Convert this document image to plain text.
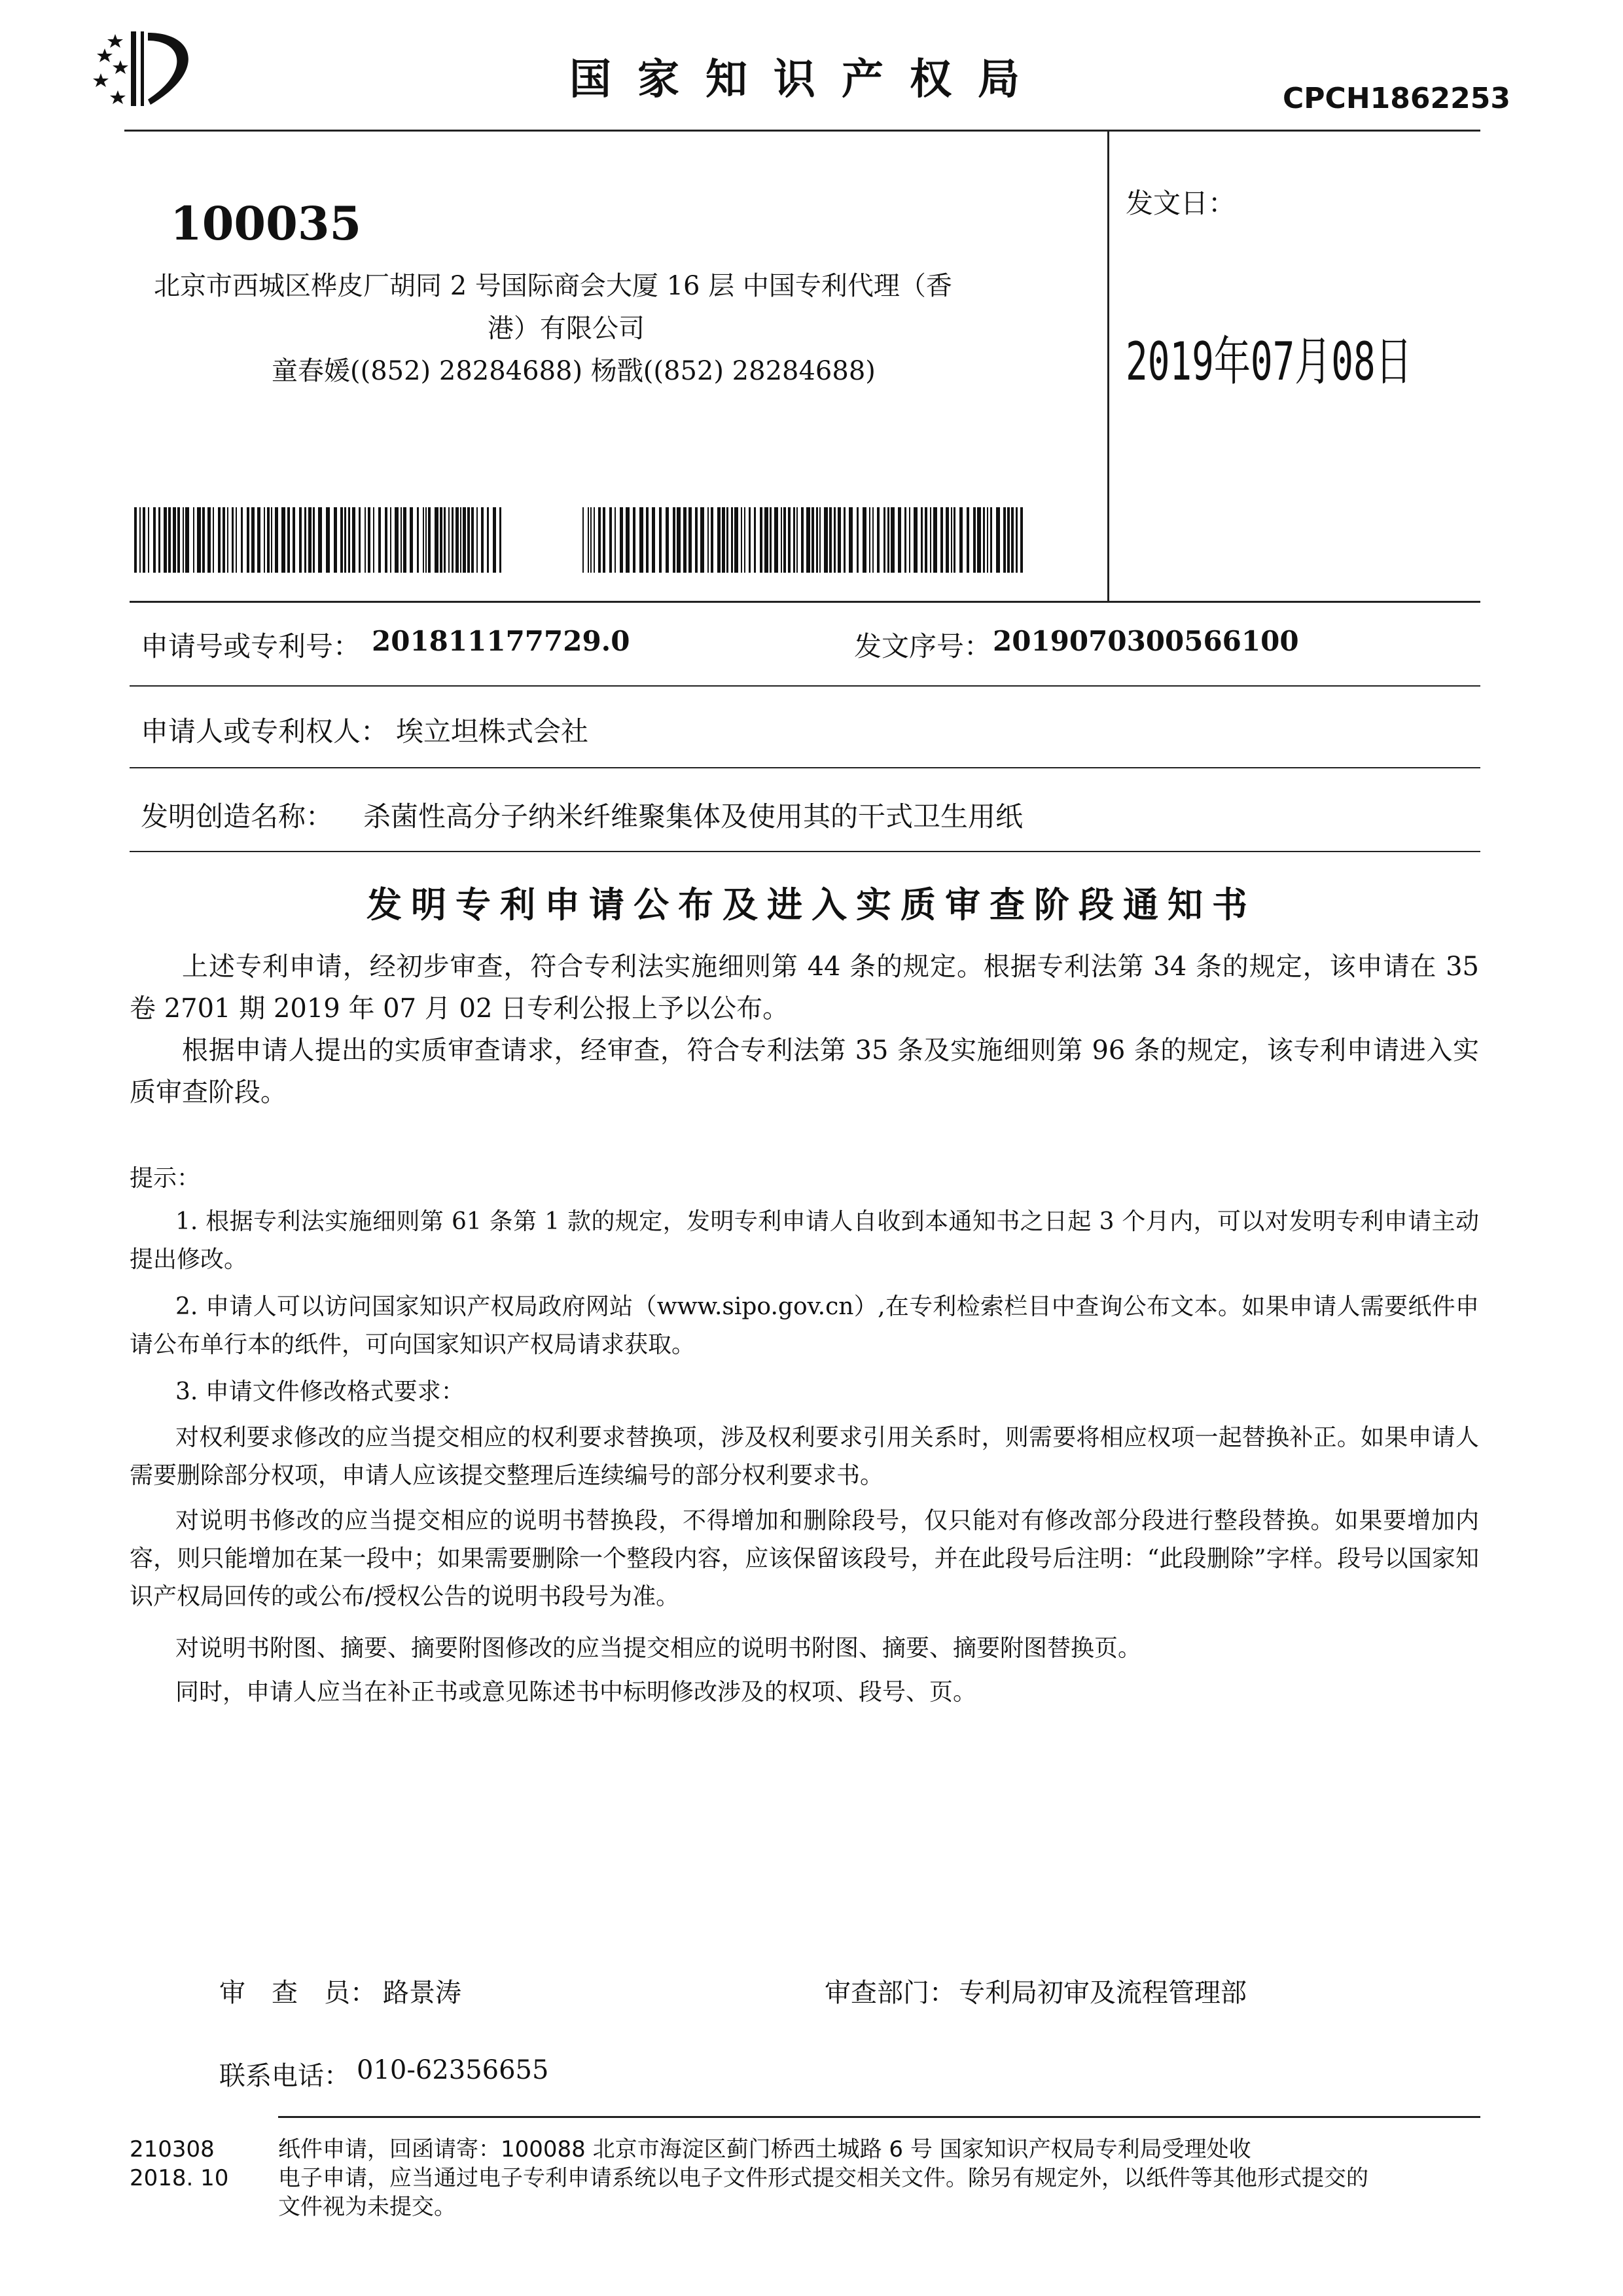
国家知识产权局	CPCH1862253
100035
北京市西城区桦皮厂胡同 2 号国际商会大厦 16 层 中国专利代理（香
港）有限公司
童春媛((852) 28284688) 杨戬((852) 28284688)
发文日：
2019年07月08日
申请号或专利号： 201811177729.0	发文序号： 2019070300566100
申请人或专利权人： 埃立坦株式会社
发明创造名称： 杀菌性高分子纳米纤维聚集体及使用其的干式卫生用纸
发明专利申请公布及进入实质审查阶段通知书
上述专利申请，经初步审查，符合专利法实施细则第 44 条的规定。根据专利法第 34 条的规定，该申请在 35 卷 2701 期 2019 年 07 月 02 日专利公报上予以公布。
根据申请人提出的实质审查请求，经审查，符合专利法第 35 条及实施细则第 96 条的规定，该专利申请进入实质审查阶段。
提示：
1. 根据专利法实施细则第 61 条第 1 款的规定，发明专利申请人自收到本通知书之日起 3 个月内，可以对发明专利申请主动提出修改。
2. 申请人可以访问国家知识产权局政府网站（www.sipo.gov.cn）,在专利检索栏目中查询公布文本。如果申请人需要纸件申请公布单行本的纸件，可向国家知识产权局请求获取。
3. 申请文件修改格式要求：
对权利要求修改的应当提交相应的权利要求替换项，涉及权利要求引用关系时，则需要将相应权项一起替换补正。如果申请人需要删除部分权项，申请人应该提交整理后连续编号的部分权利要求书。
对说明书修改的应当提交相应的说明书替换段，不得增加和删除段号，仅只能对有修改部分段进行整段替换。如果要增加内容，则只能增加在某一段中；如果需要删除一个整段内容，应该保留该段号，并在此段号后注明：“此段删除”字样。段号以国家知识产权局回传的或公布/授权公告的说明书段号为准。
对说明书附图、摘要、摘要附图修改的应当提交相应的说明书附图、摘要、摘要附图替换页。
同时，申请人应当在补正书或意见陈述书中标明修改涉及的权项、段号、页。
审　查　员： 路景涛	审查部门： 专利局初审及流程管理部
联系电话： 010-62356655
210308
2018. 10
纸件申请，回函请寄：100088 北京市海淀区蓟门桥西土城路 6 号 国家知识产权局专利局受理处收
电子申请，应当通过电子专利申请系统以电子文件形式提交相关文件。除另有规定外，以纸件等其他形式提交的
文件视为未提交。
